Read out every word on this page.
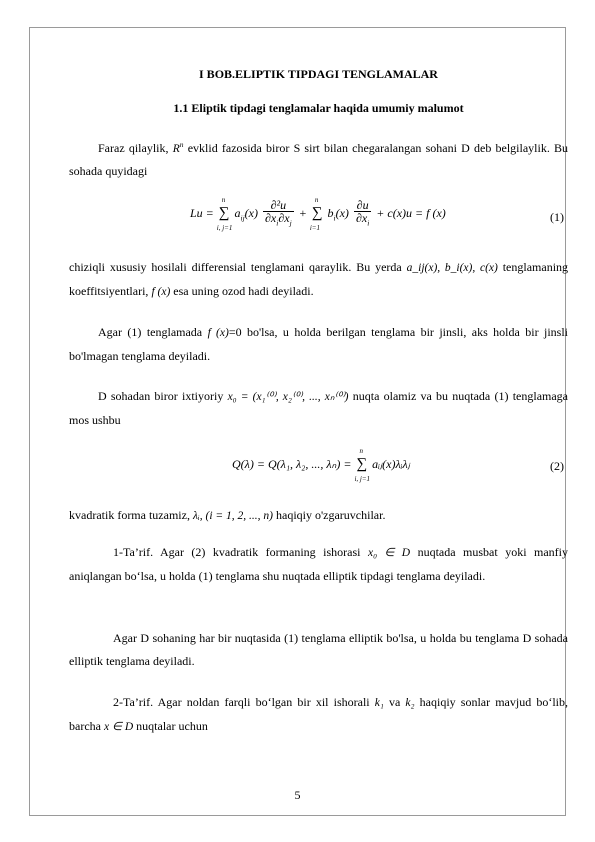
I BOB.ELIPTIK TIPDAGI TENGLAMALAR
1.1 Eliptik tipdagi tenglamalar haqida umumiy malumot

Faraz qilaylik, $R^n$ evklid fazosida biror S sirt bilan chegaralangan sohani D deb belgilaylik. Bu sohada quyidagi

Lu = ∑
n
i, j=1
$a_{ij}(x) \frac{\text{∂²u}}{\partial x_i\partial x_j}$ + ∑
n
i=1
$b_i(x) \frac{\partial u}{\partial x_i} + c(x)u = f$ (x)	(1)

chiziqli xususiy hosilali differensial tenglamani qaraylik. Bu yerda a_ij(x), b_i(x), c(x) tenglamaning koeffitsiyentlari, f (x) esa uning ozod hadi deyiladi.

Agar (1) tenglamada f (x)=0 bo'lsa, u holda berilgan tenglama bir jinsli, aks holda bir jinsli bo'lmagan tenglama deyiladi.

D sohadan biror ixtiyoriy x₀ = (x₁⁽⁰⁾, x₂⁽⁰⁾, ..., xₙ⁽⁰⁾) nuqta olamiz va bu nuqtada (1) tenglamaga mos ushbu

Q(λ) = Q(λ₁, λ₂, ..., λₙ) = ∑
n
i, j=1
aᵢⱼ(x)λᵢλⱼ	(2)

kvadratik forma tuzamiz, λᵢ, (i = 1, 2, ..., n) haqiqiy o'zgaruvchilar.

1-Ta’rif. Agar (2) kvadratik formaning ishorasi x₀ ∈ D nuqtada musbat yoki manfiy aniqlangan bo‘lsa, u holda (1) tenglama shu nuqtada elliptik tipdagi tenglama deyiladi.

Agar D sohaning har bir nuqtasida (1) tenglama elliptik bo'lsa, u holda bu tenglama D sohada elliptik tenglama deyiladi.

2-Ta’rif. Agar noldan farqli bo‘lgan bir xil ishorali k₁ va k₂ haqiqiy sonlar mavjud bo‘lib, barcha x ∈ D nuqtalar uchun

5
